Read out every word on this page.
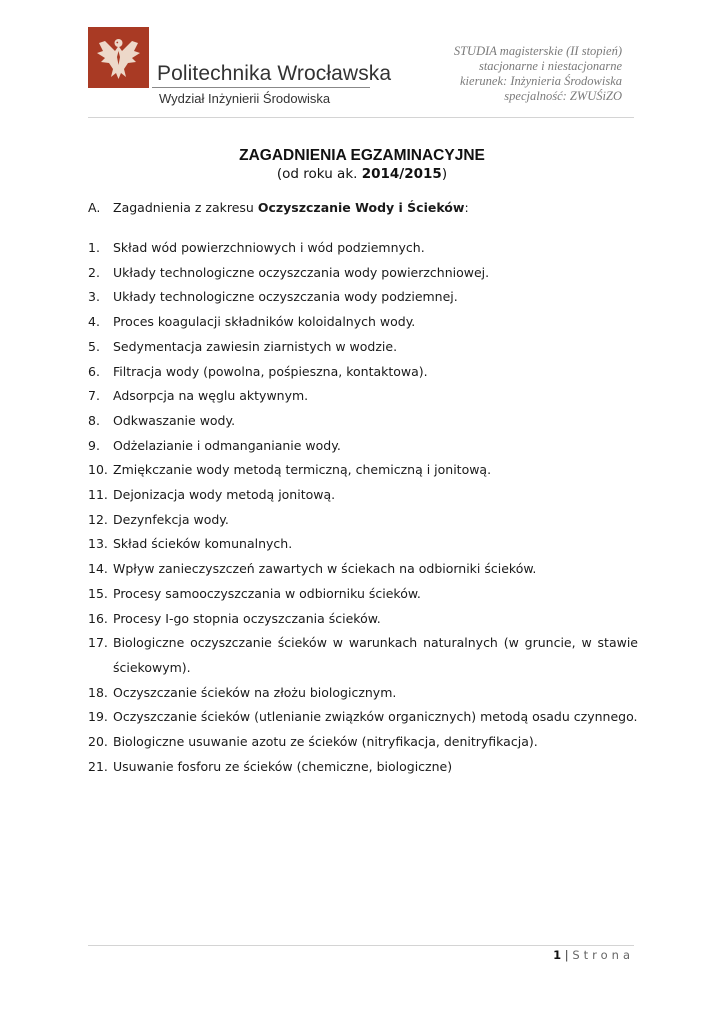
Politechnika Wrocławska
Wydział Inżynierii Środowiska
STUDIA magisterskie (II stopień)
stacjonarne i niestacjonarne
kierunek: Inżynieria Środowiska
specjalność: ZWUŚiZO
ZAGADNIENIA EGZAMINACYJNE
(od roku ak. 2014/2015)
A. Zagadnienia z zakresu Oczyszczanie Wody i Ścieków:
1.	Skład wód powierzchniowych i wód podziemnych.
2.	Układy technologiczne oczyszczania wody powierzchniowej.
3.	Układy technologiczne oczyszczania wody podziemnej.
4.	Proces koagulacji składników koloidalnych wody.
5.	Sedymentacja zawiesin ziarnistych w wodzie.
6.	Filtracja wody (powolna, pośpieszna, kontaktowa).
7.	Adsorpcja na węglu aktywnym.
8.	Odkwaszanie wody.
9.	Odżelazianie i odmanganianie wody.
10. Zmiękczanie wody metodą termiczną, chemiczną i jonitową.
11. Dejonizacja wody metodą jonitową.
12. Dezynfekcja wody.
13. Skład ścieków komunalnych.
14. Wpływ zanieczyszczeń zawartych w ściekach na odbiorniki ścieków.
15. Procesy samooczyszczania w odbiorniku ścieków.
16. Procesy I-go stopnia oczyszczania ścieków.
17. Biologiczne oczyszczanie ścieków w warunkach naturalnych (w gruncie, w stawie ściekowym).
18. Oczyszczanie ścieków na złożu biologicznym.
19. Oczyszczanie ścieków (utlenianie związków organicznych) metodą osadu czynnego.
20. Biologiczne usuwanie azotu ze ścieków (nitryfikacja, denitryfikacja).
21. Usuwanie fosforu ze ścieków (chemiczne, biologiczne)
1 | Strona
